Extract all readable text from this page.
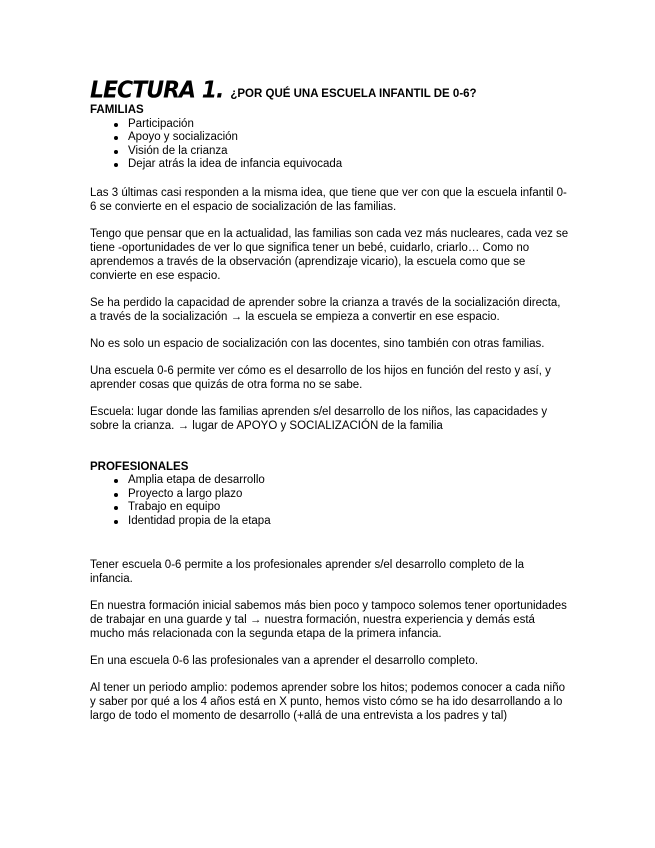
LECTURA 1. ¿POR QUÉ UNA ESCUELA INFANTIL DE 0-6?
FAMILIAS
Participación
Apoyo y socialización
Visión de la crianza
Dejar atrás la idea de infancia equivocada

Las 3 últimas casi responden a la misma idea, que tiene que ver con que la escuela infantil 0-6 se convierte en el espacio de socialización de las familias.

Tengo que pensar que en la actualidad, las familias son cada vez más nucleares, cada vez se tiene -oportunidades de ver lo que significa tener un bebé, cuidarlo, criarlo… Como no aprendemos a través de la observación (aprendizaje vicario), la escuela como que se convierte en ese espacio.

Se ha perdido la capacidad de aprender sobre la crianza a través de la socialización directa, a través de la socialización → la escuela se empieza a convertir en ese espacio.

No es solo un espacio de socialización con las docentes, sino también con otras familias.

Una escuela 0-6 permite ver cómo es el desarrollo de los hijos en función del resto y así, y aprender cosas que quizás de otra forma no se sabe.

Escuela: lugar donde las familias aprenden s/el desarrollo de los niños, las capacidades y sobre la crianza. → lugar de APOYO y SOCIALIZACIÓN de la familia

PROFESIONALES
Amplia etapa de desarrollo
Proyecto a largo plazo
Trabajo en equipo
Identidad propia de la etapa

Tener escuela 0-6 permite a los profesionales aprender s/el desarrollo completo de la infancia.

En nuestra formación inicial sabemos más bien poco y tampoco solemos tener oportunidades de trabajar en una guarde y tal → nuestra formación, nuestra experiencia y demás está mucho más relacionada con la segunda etapa de la primera infancia.

En una escuela 0-6 las profesionales van a aprender el desarrollo completo.

Al tener un periodo amplio: podemos aprender sobre los hitos; podemos conocer a cada niño y saber por qué a los 4 años está en X punto, hemos visto cómo se ha ido desarrollando a lo largo de todo el momento de desarrollo (+allá de una entrevista a los padres y tal)
